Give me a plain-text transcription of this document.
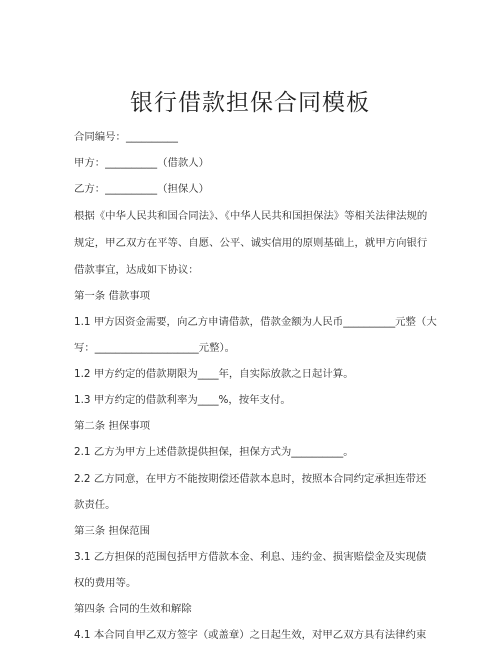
银行借款担保合同模板
合同编号：__________
甲方：__________（借款人）
乙方：__________（担保人）
根据《中华人民共和国合同法》、《中华人民共和国担保法》等相关法律法规的
规定，甲乙双方在平等、自愿、公平、诚实信用的原则基础上，就甲方向银行
借款事宜，达成如下协议：
第一条 借款事项
1.1 甲方因资金需要，向乙方申请借款，借款金额为人民币__________元整（大
写：____________________元整）。
1.2 甲方约定的借款期限为____年，自实际放款之日起计算。
1.3 甲方约定的借款利率为____%，按年支付。
第二条 担保事项
2.1 乙方为甲方上述借款提供担保，担保方式为__________。
2.2 乙方同意，在甲方不能按期偿还借款本息时，按照本合同约定承担连带还
款责任。
第三条 担保范围
3.1 乙方担保的范围包括甲方借款本金、利息、违约金、损害赔偿金及实现债
权的费用等。
第四条 合同的生效和解除
4.1 本合同自甲乙双方签字（或盖章）之日起生效，对甲乙双方具有法律约束
